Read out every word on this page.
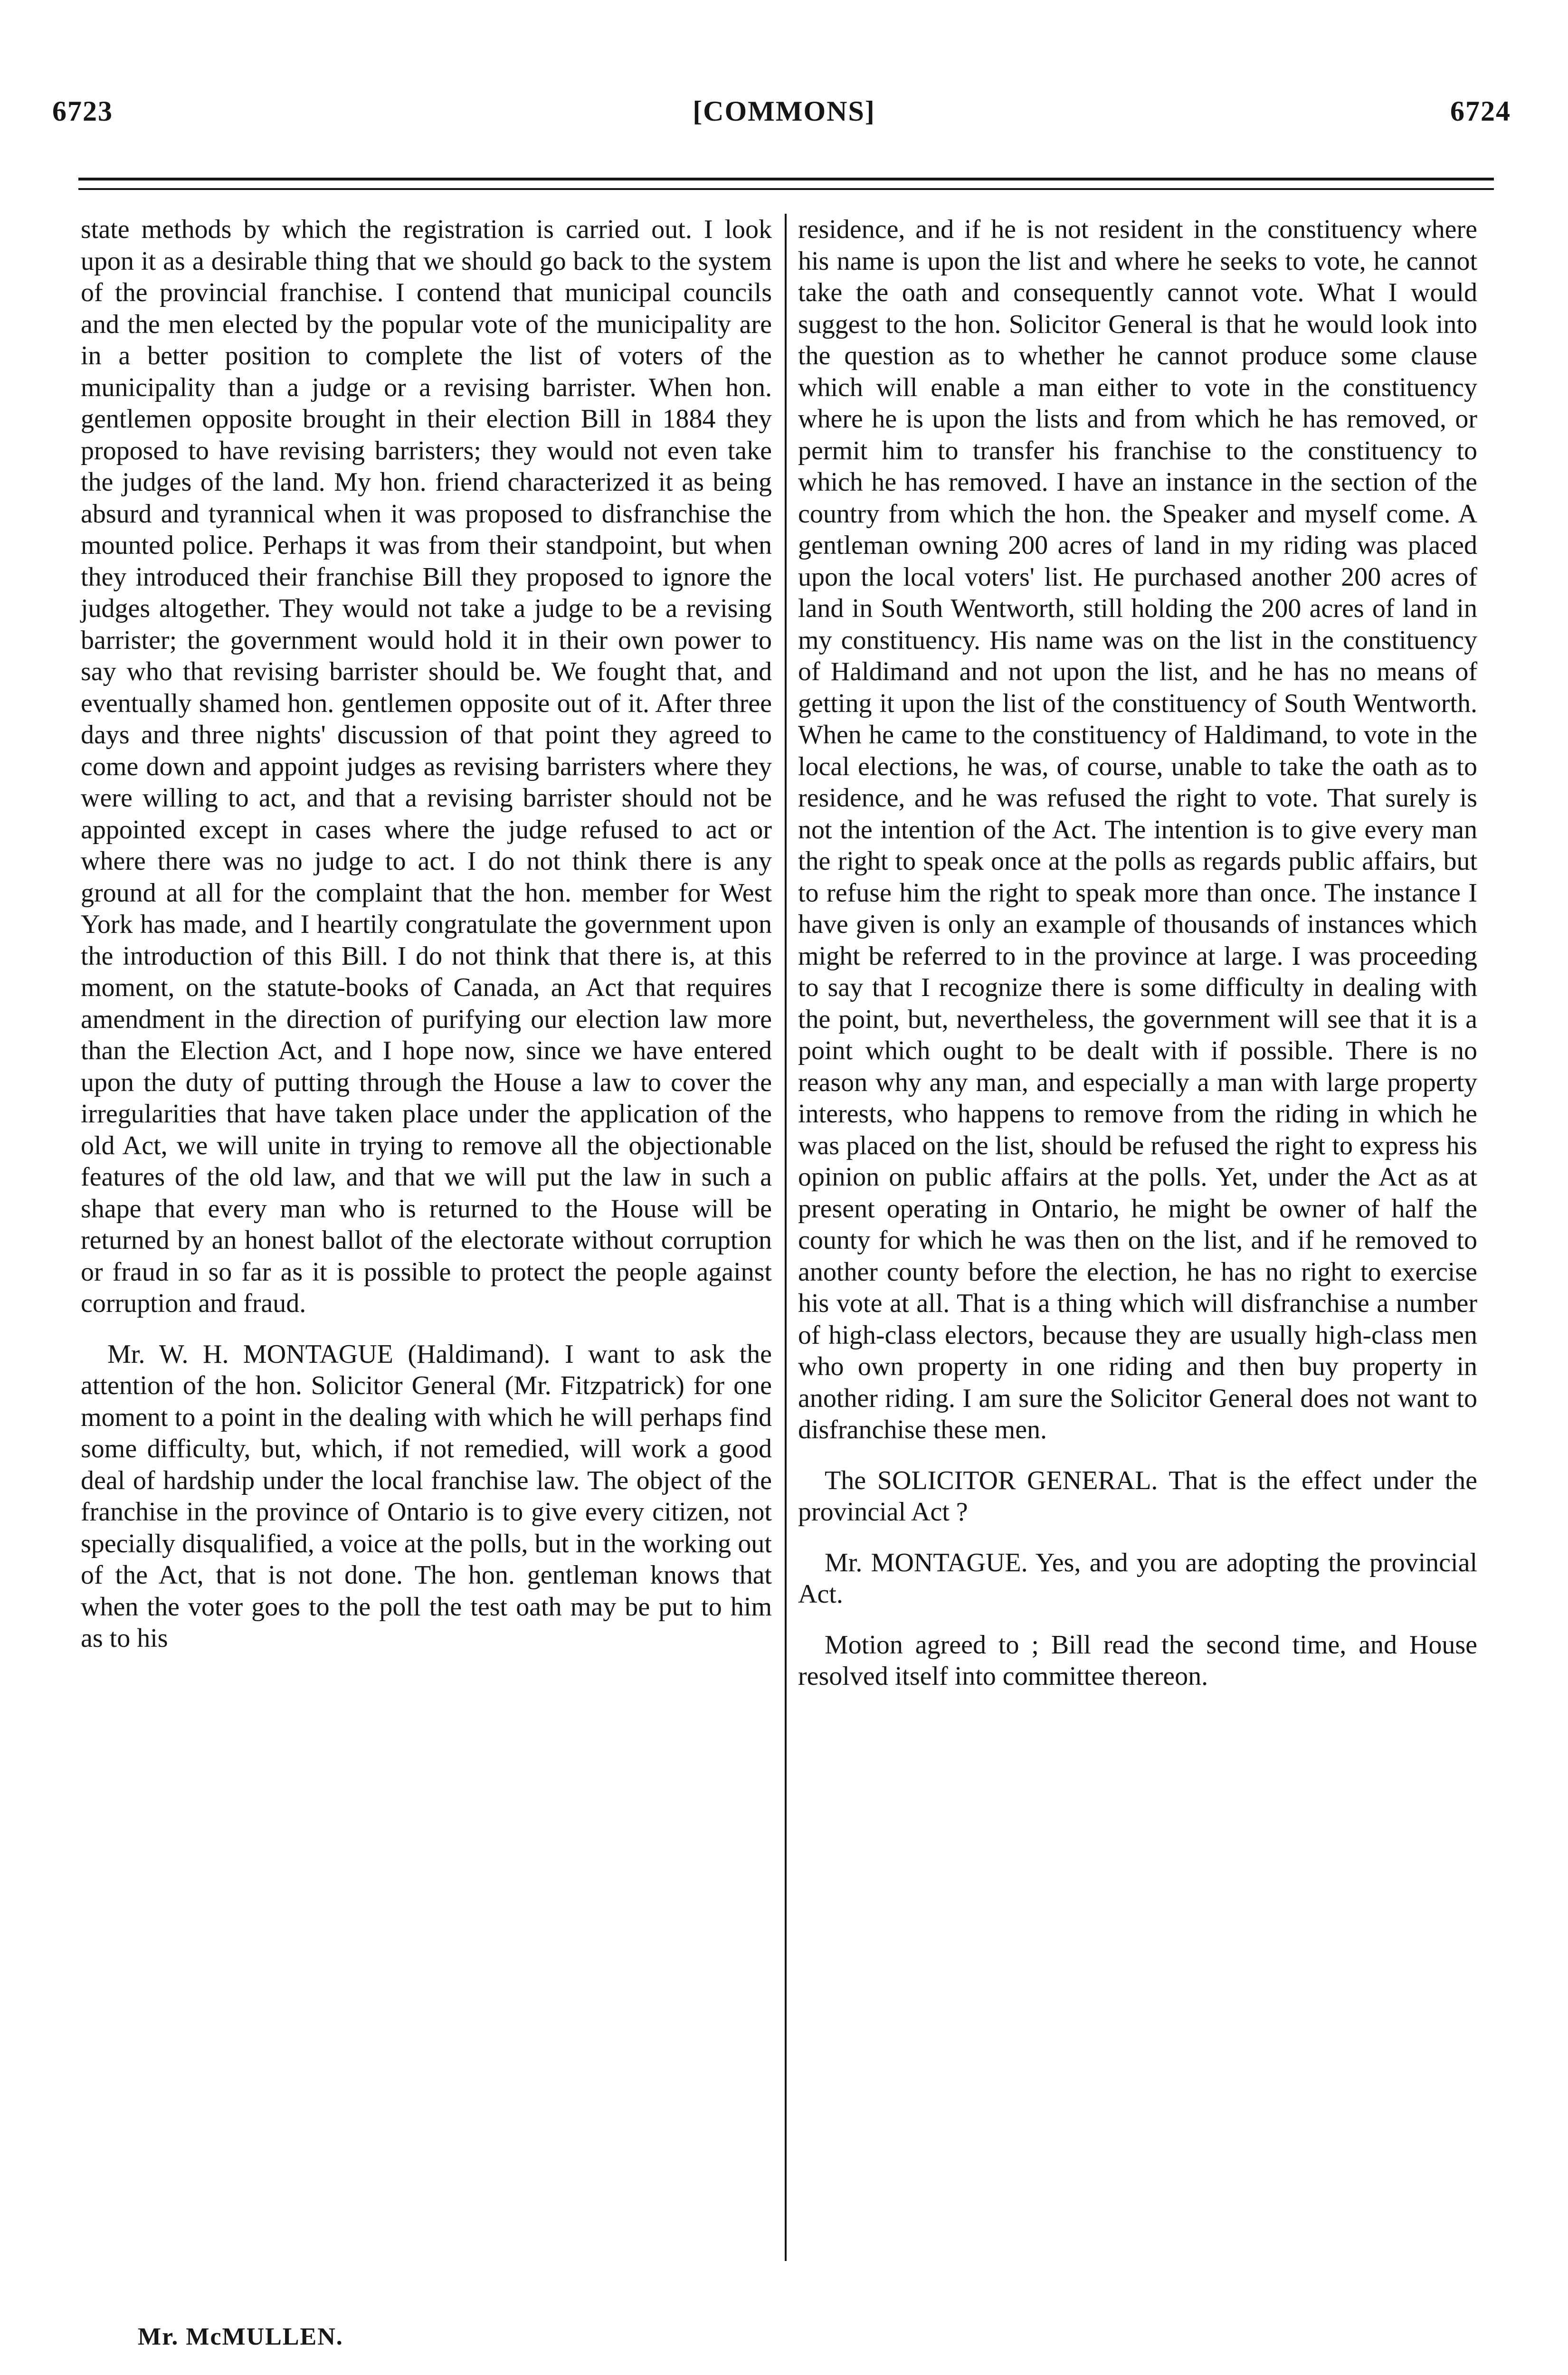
6723	[COMMONS]	6724

state methods by which the registration is carried out. I look upon it as a desirable thing that we should go back to the system of the provincial franchise. I contend that municipal councils and the men elected by the popular vote of the municipality are in a better position to complete the list of voters of the municipality than a judge or a revising barrister. When hon. gentlemen opposite brought in their election Bill in 1884 they proposed to have revising barristers; they would not even take the judges of the land. My hon. friend characterized it as being absurd and tyrannical when it was proposed to disfranchise the mounted police. Perhaps it was from their standpoint, but when they introduced their franchise Bill they proposed to ignore the judges altogether. They would not take a judge to be a revising barrister; the government would hold it in their own power to say who that revising barrister should be. We fought that, and eventually shamed hon. gentlemen opposite out of it. After three days and three nights' discussion of that point they agreed to come down and appoint judges as revising barristers where they were willing to act, and that a revising barrister should not be appointed except in cases where the judge refused to act or where there was no judge to act. I do not think there is any ground at all for the complaint that the hon. member for West York has made, and I heartily congratulate the government upon the introduction of this Bill. I do not think that there is, at this moment, on the statute-books of Canada, an Act that requires amendment in the direction of purifying our election law more than the Election Act, and I hope now, since we have entered upon the duty of putting through the House a law to cover the irregularities that have taken place under the application of the old Act, we will unite in trying to remove all the objectionable features of the old law, and that we will put the law in such a shape that every man who is returned to the House will be returned by an honest ballot of the electorate without corruption or fraud in so far as it is possible to protect the people against corruption and fraud.

Mr. W. H. MONTAGUE (Haldimand). I want to ask the attention of the hon. Solicitor General (Mr. Fitzpatrick) for one moment to a point in the dealing with which he will perhaps find some difficulty, but, which, if not remedied, will work a good deal of hardship under the local franchise law. The object of the franchise in the province of Ontario is to give every citizen, not specially disqualified, a voice at the polls, but in the working out of the Act, that is not done. The hon. gentleman knows that when the voter goes to the poll the test oath may be put to him as to his

residence, and if he is not resident in the constituency where his name is upon the list and where he seeks to vote, he cannot take the oath and consequently cannot vote. What I would suggest to the hon. Solicitor General is that he would look into the question as to whether he cannot produce some clause which will enable a man either to vote in the constituency where he is upon the lists and from which he has removed, or permit him to transfer his franchise to the constituency to which he has removed. I have an instance in the section of the country from which the hon. the Speaker and myself come. A gentleman owning 200 acres of land in my riding was placed upon the local voters' list. He purchased another 200 acres of land in South Wentworth, still holding the 200 acres of land in my constituency. His name was on the list in the constituency of Haldimand and not upon the list, and he has no means of getting it upon the list of the constituency of South Wentworth. When he came to the constituency of Haldimand, to vote in the local elections, he was, of course, unable to take the oath as to residence, and he was refused the right to vote. That surely is not the intention of the Act. The intention is to give every man the right to speak once at the polls as regards public affairs, but to refuse him the right to speak more than once. The instance I have given is only an example of thousands of instances which might be referred to in the province at large. I was proceeding to say that I recognize there is some difficulty in dealing with the point, but, nevertheless, the government will see that it is a point which ought to be dealt with if possible. There is no reason why any man, and especially a man with large property interests, who happens to remove from the riding in which he was placed on the list, should be refused the right to express his opinion on public affairs at the polls. Yet, under the Act as at present operating in Ontario, he might be owner of half the county for which he was then on the list, and if he removed to another county before the election, he has no right to exercise his vote at all. That is a thing which will disfranchise a number of high-class electors, because they are usually high-class men who own property in one riding and then buy property in another riding. I am sure the Solicitor General does not want to disfranchise these men.

The SOLICITOR GENERAL. That is the effect under the provincial Act ?

Mr. MONTAGUE. Yes, and you are adopting the provincial Act.

Motion agreed to ; Bill read the second time, and House resolved itself into committee thereon.

Mr. McMULLEN.
